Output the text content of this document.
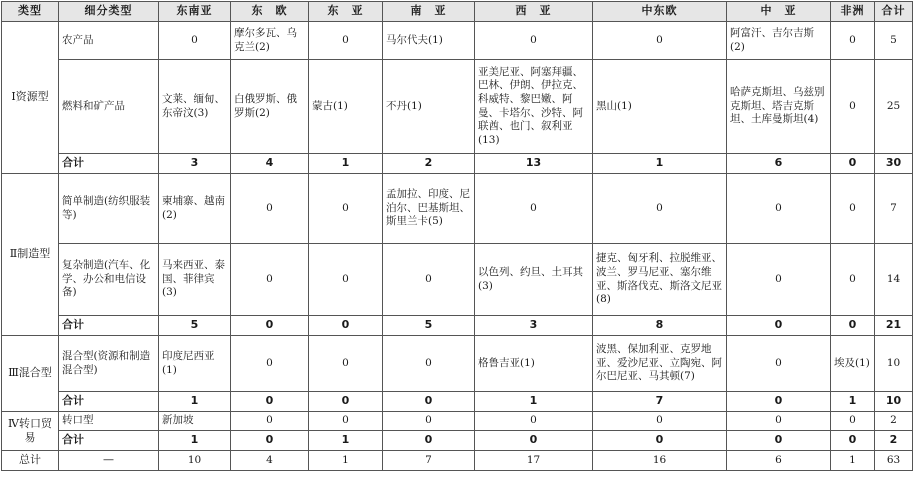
类型	细分类型	东南亚	东　欧	东　亚	南　亚	西　亚	中东欧	中　亚	非洲	合计
Ⅰ资源型	农产品	0	摩尔多瓦、乌克兰(2)	0	马尔代夫(1)	0	0	阿富汗、吉尔吉斯(2)	0	5
	燃料和矿产品	文莱、缅甸、东帝汶(3)	白俄罗斯、俄罗斯(2)	蒙古(1)	不丹(1)	亚美尼亚、阿塞拜疆、巴林、伊朗、伊拉克、科威特、黎巴嫩、阿曼、卡塔尔、沙特、阿联酋、也门、叙利亚(13)	黑山(1)	哈萨克斯坦、乌兹别克斯坦、塔吉克斯坦、土库曼斯坦(4)	0	25
	合计	3	4	1	2	13	1	6	0	30
Ⅱ制造型	简单制造(纺织服装等)	柬埔寨、越南(2)	0	0	孟加拉、印度、尼泊尔、巴基斯坦、斯里兰卡(5)	0	0	0	0	7
	复杂制造(汽车、化学、办公和电信设备)	马来西亚、泰国、菲律宾(3)	0	0	0	以色列、约旦、土耳其(3)	捷克、匈牙利、拉脱维亚、波兰、罗马尼亚、塞尔维亚、斯洛伐克、斯洛文尼亚(8)	0	0	14
	合计	5	0	0	5	3	8	0	0	21
Ⅲ混合型	混合型(资源和制造混合型)	印度尼西亚(1)	0	0	0	格鲁吉亚(1)	波黑、保加利亚、克罗地亚、爱沙尼亚、立陶宛、阿尔巴尼亚、马其顿(7)	0	埃及(1)	10
	合计	1	0	0	0	1	7	0	1	10
Ⅳ转口贸易	转口型	新加坡	0	0	0	0	0	0	0	2
	合计	1	0	1	0	0	0	0	0	2
总计	—	10	4	1	7	17	16	6	1	63
